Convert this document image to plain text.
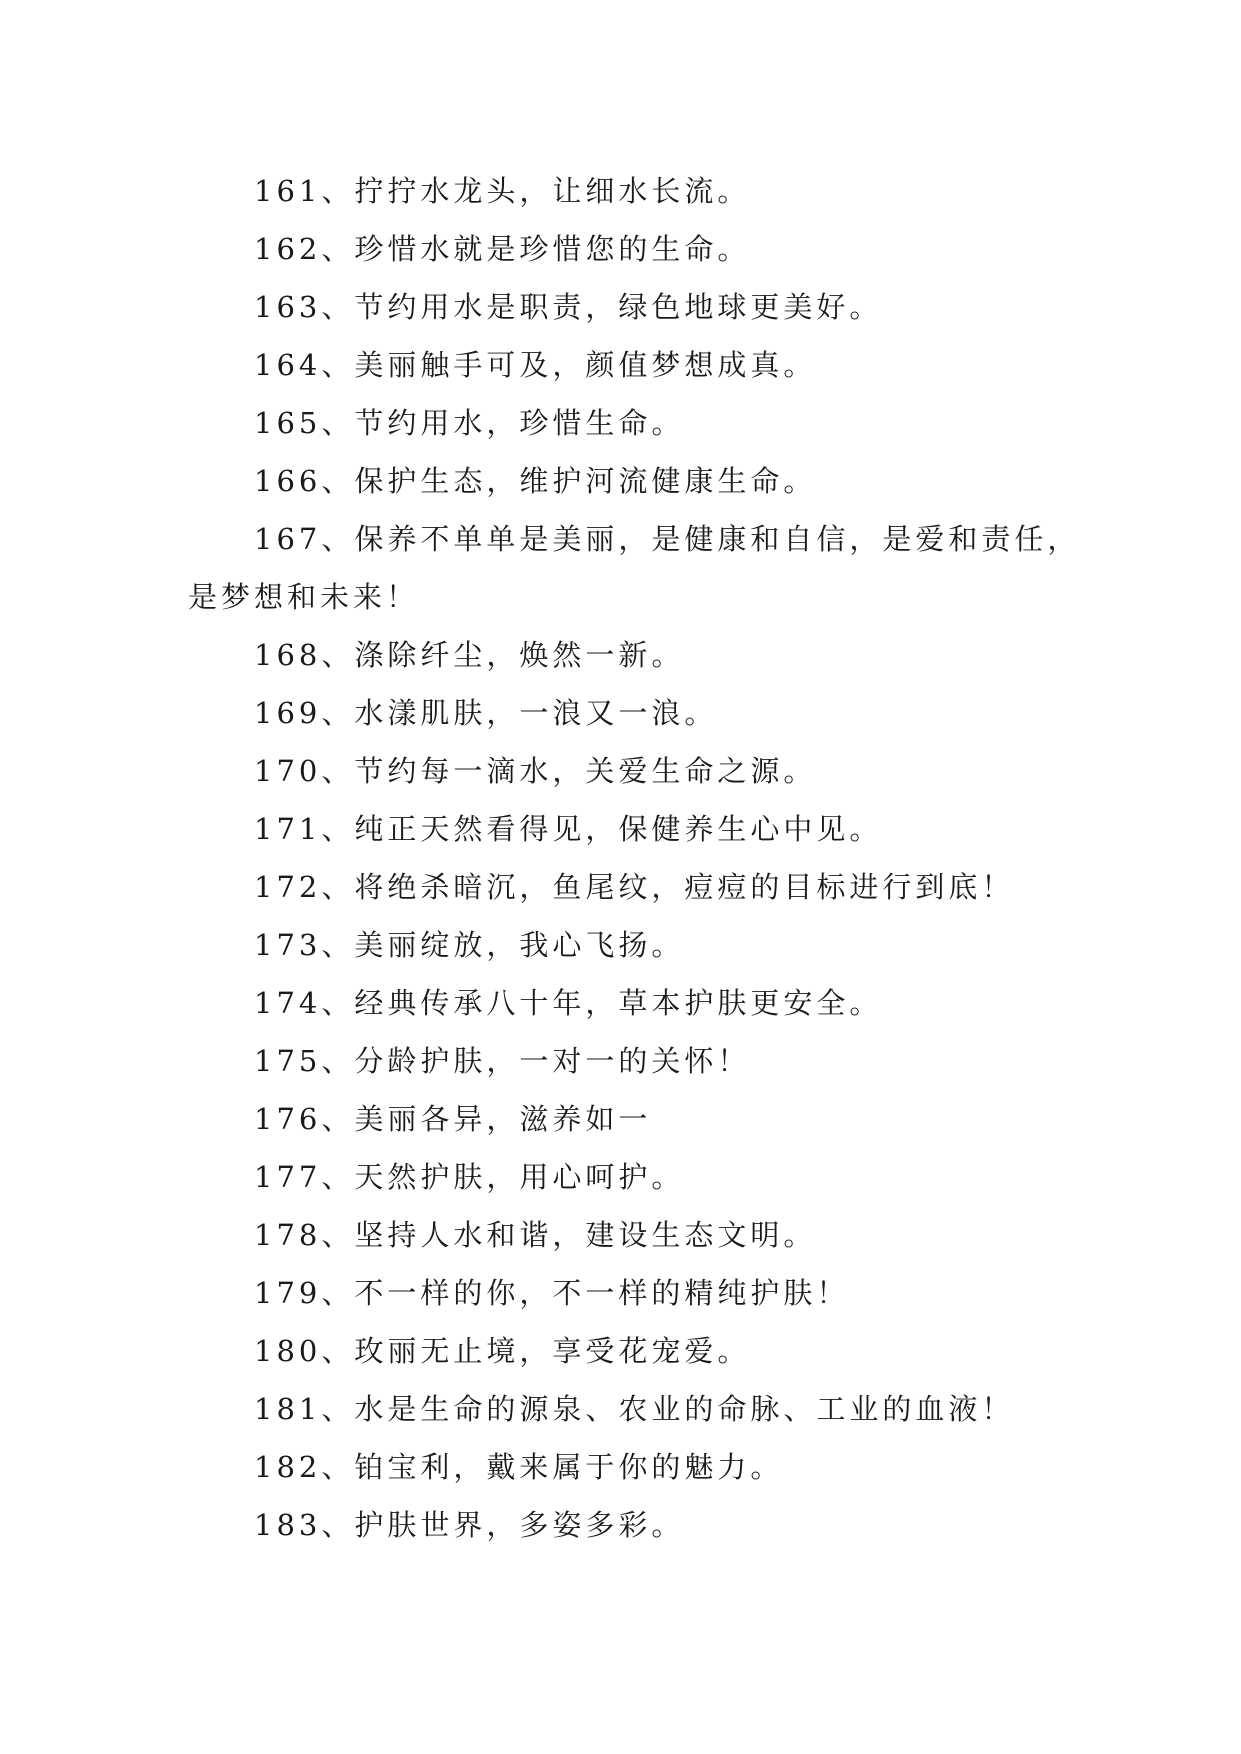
161、拧拧水龙头，让细水长流。

162、珍惜水就是珍惜您的生命。

163、节约用水是职责，绿色地球更美好。

164、美丽触手可及，颜值梦想成真。

165、节约用水，珍惜生命。

166、保护生态，维护河流健康生命。

167、保养不单单是美丽，是健康和自信，是爱和责任，是梦想和未来！

168、涤除纤尘，焕然一新。

169、水漾肌肤，一浪又一浪。

170、节约每一滴水，关爱生命之源。

171、纯正天然看得见，保健养生心中见。

172、将绝杀暗沉，鱼尾纹，痘痘的目标进行到底！

173、美丽绽放，我心飞扬。

174、经典传承八十年，草本护肤更安全。

175、分龄护肤，一对一的关怀！

176、美丽各异，滋养如一

177、天然护肤，用心呵护。

178、坚持人水和谐，建设生态文明。

179、不一样的你，不一样的精纯护肤！

180、玫丽无止境，享受花宠爱。

181、水是生命的源泉、农业的命脉、工业的血液！

182、铂宝利，戴来属于你的魅力。

183、护肤世界，多姿多彩。
